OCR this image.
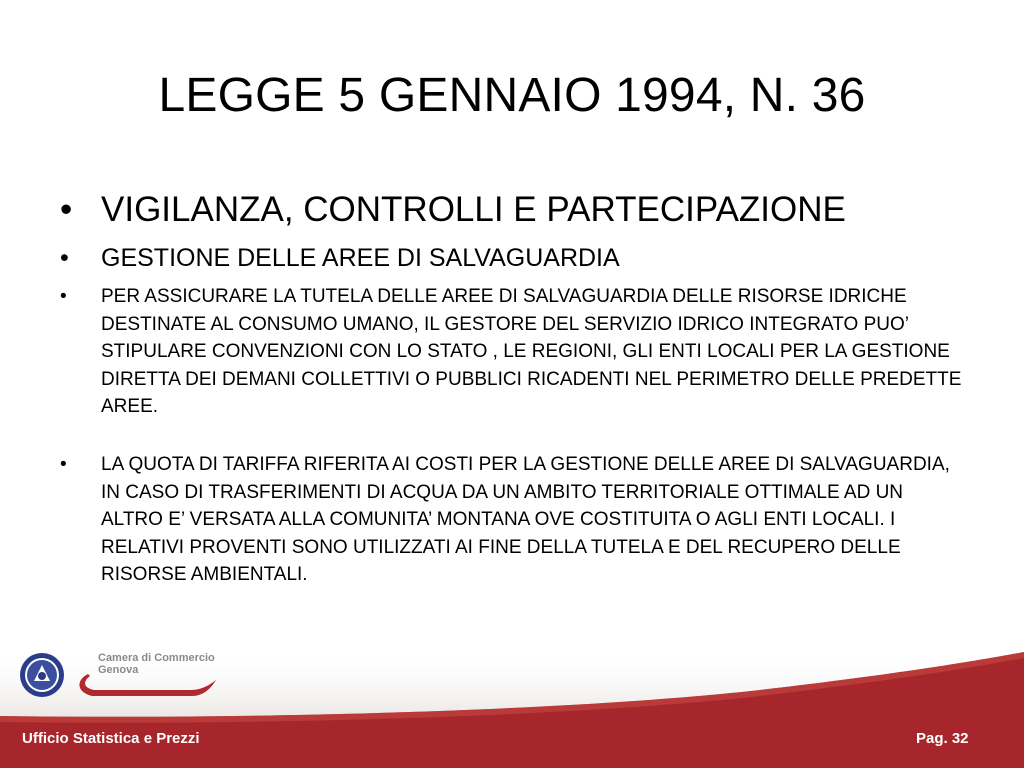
LEGGE 5 GENNAIO 1994, N. 36
• VIGILANZA, CONTROLLI E PARTECIPAZIONE
• GESTIONE DELLE AREE DI SALVAGUARDIA
• PER ASSICURARE LA TUTELA DELLE AREE DI SALVAGUARDIA DELLE RISORSE IDRICHE DESTINATE AL CONSUMO UMANO, IL GESTORE DEL SERVIZIO IDRICO INTEGRATO PUO’ STIPULARE CONVENZIONI CON LO STATO , LE REGIONI, GLI ENTI LOCALI PER LA GESTIONE DIRETTA DEI DEMANI COLLETTIVI O PUBBLICI RICADENTI NEL PERIMETRO DELLE PREDETTE AREE.
• LA QUOTA DI TARIFFA RIFERITA AI COSTI PER LA GESTIONE DELLE AREE DI SALVAGUARDIA, IN CASO DI TRASFERIMENTI DI ACQUA DA UN AMBITO TERRITORIALE OTTIMALE AD UN ALTRO E’ VERSATA ALLA COMUNITA’ MONTANA OVE COSTITUITA O AGLI ENTI LOCALI. I RELATIVI PROVENTI SONO UTILIZZATI AI FINE DELLA TUTELA E DEL RECUPERO DELLE RISORSE AMBIENTALI.
Camera di Commercio
Genova
Ufficio Statistica e Prezzi	Pag. 32
